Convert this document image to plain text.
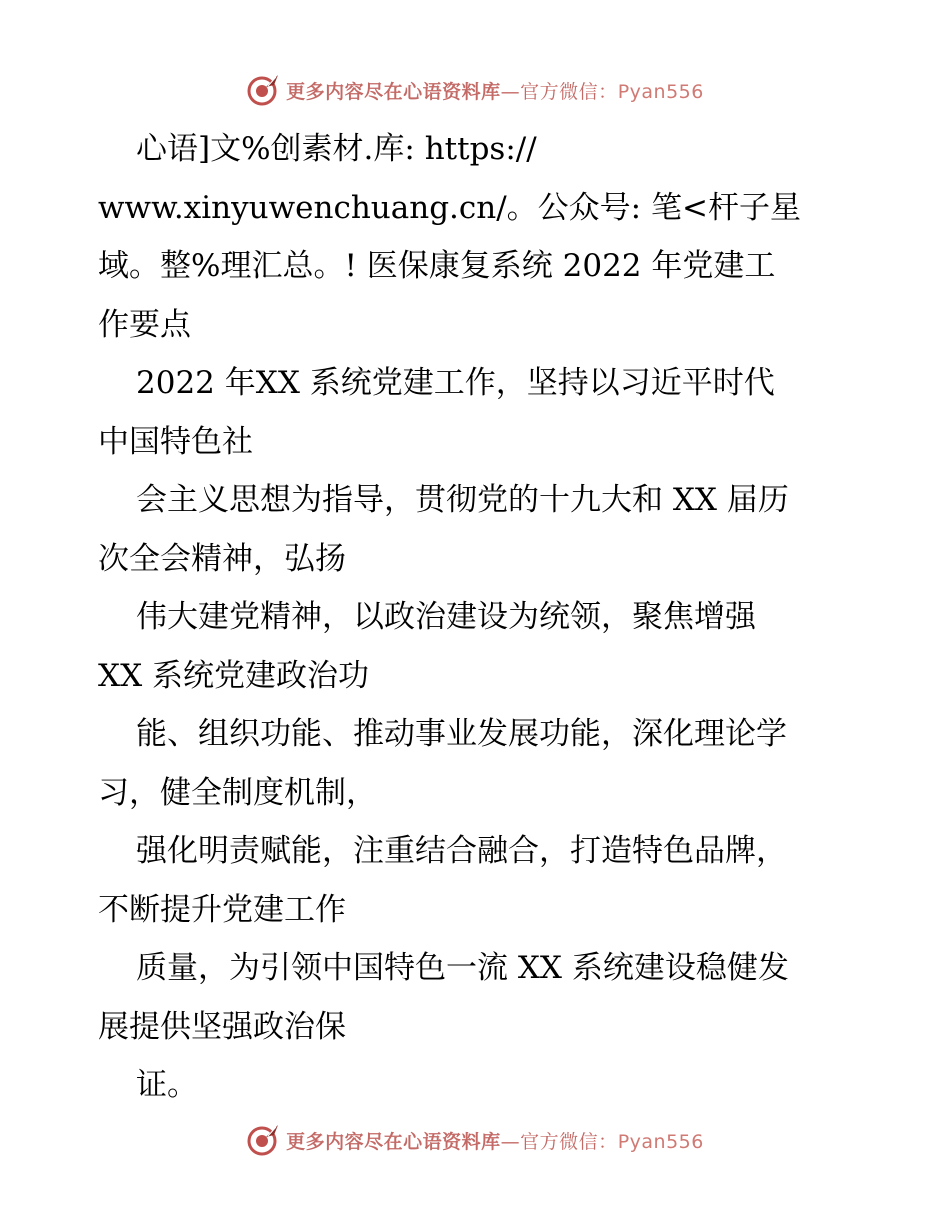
更多内容尽在心语资料库—官方微信：Pyan556
心语]文%创素材.库: https://
www.xinyuwenchuang.cn/。公众号: 笔<杆子星
域。整%理汇总。! 医保康复系统 2022 年党建工
作要点
2022 年XX 系统党建工作，坚持以习近平时代
中国特色社
会主义思想为指导，贯彻党的十九大和 XX 届历
次全会精神，弘扬
伟大建党精神，以政治建设为统领，聚焦增强
XX 系统党建政治功
能、组织功能、推动事业发展功能，深化理论学
习，健全制度机制，
强化明责赋能，注重结合融合，打造特色品牌，
不断提升党建工作
质量，为引领中国特色一流 XX 系统建设稳健发
展提供坚强政治保
证。
更多内容尽在心语资料库—官方微信：Pyan556
